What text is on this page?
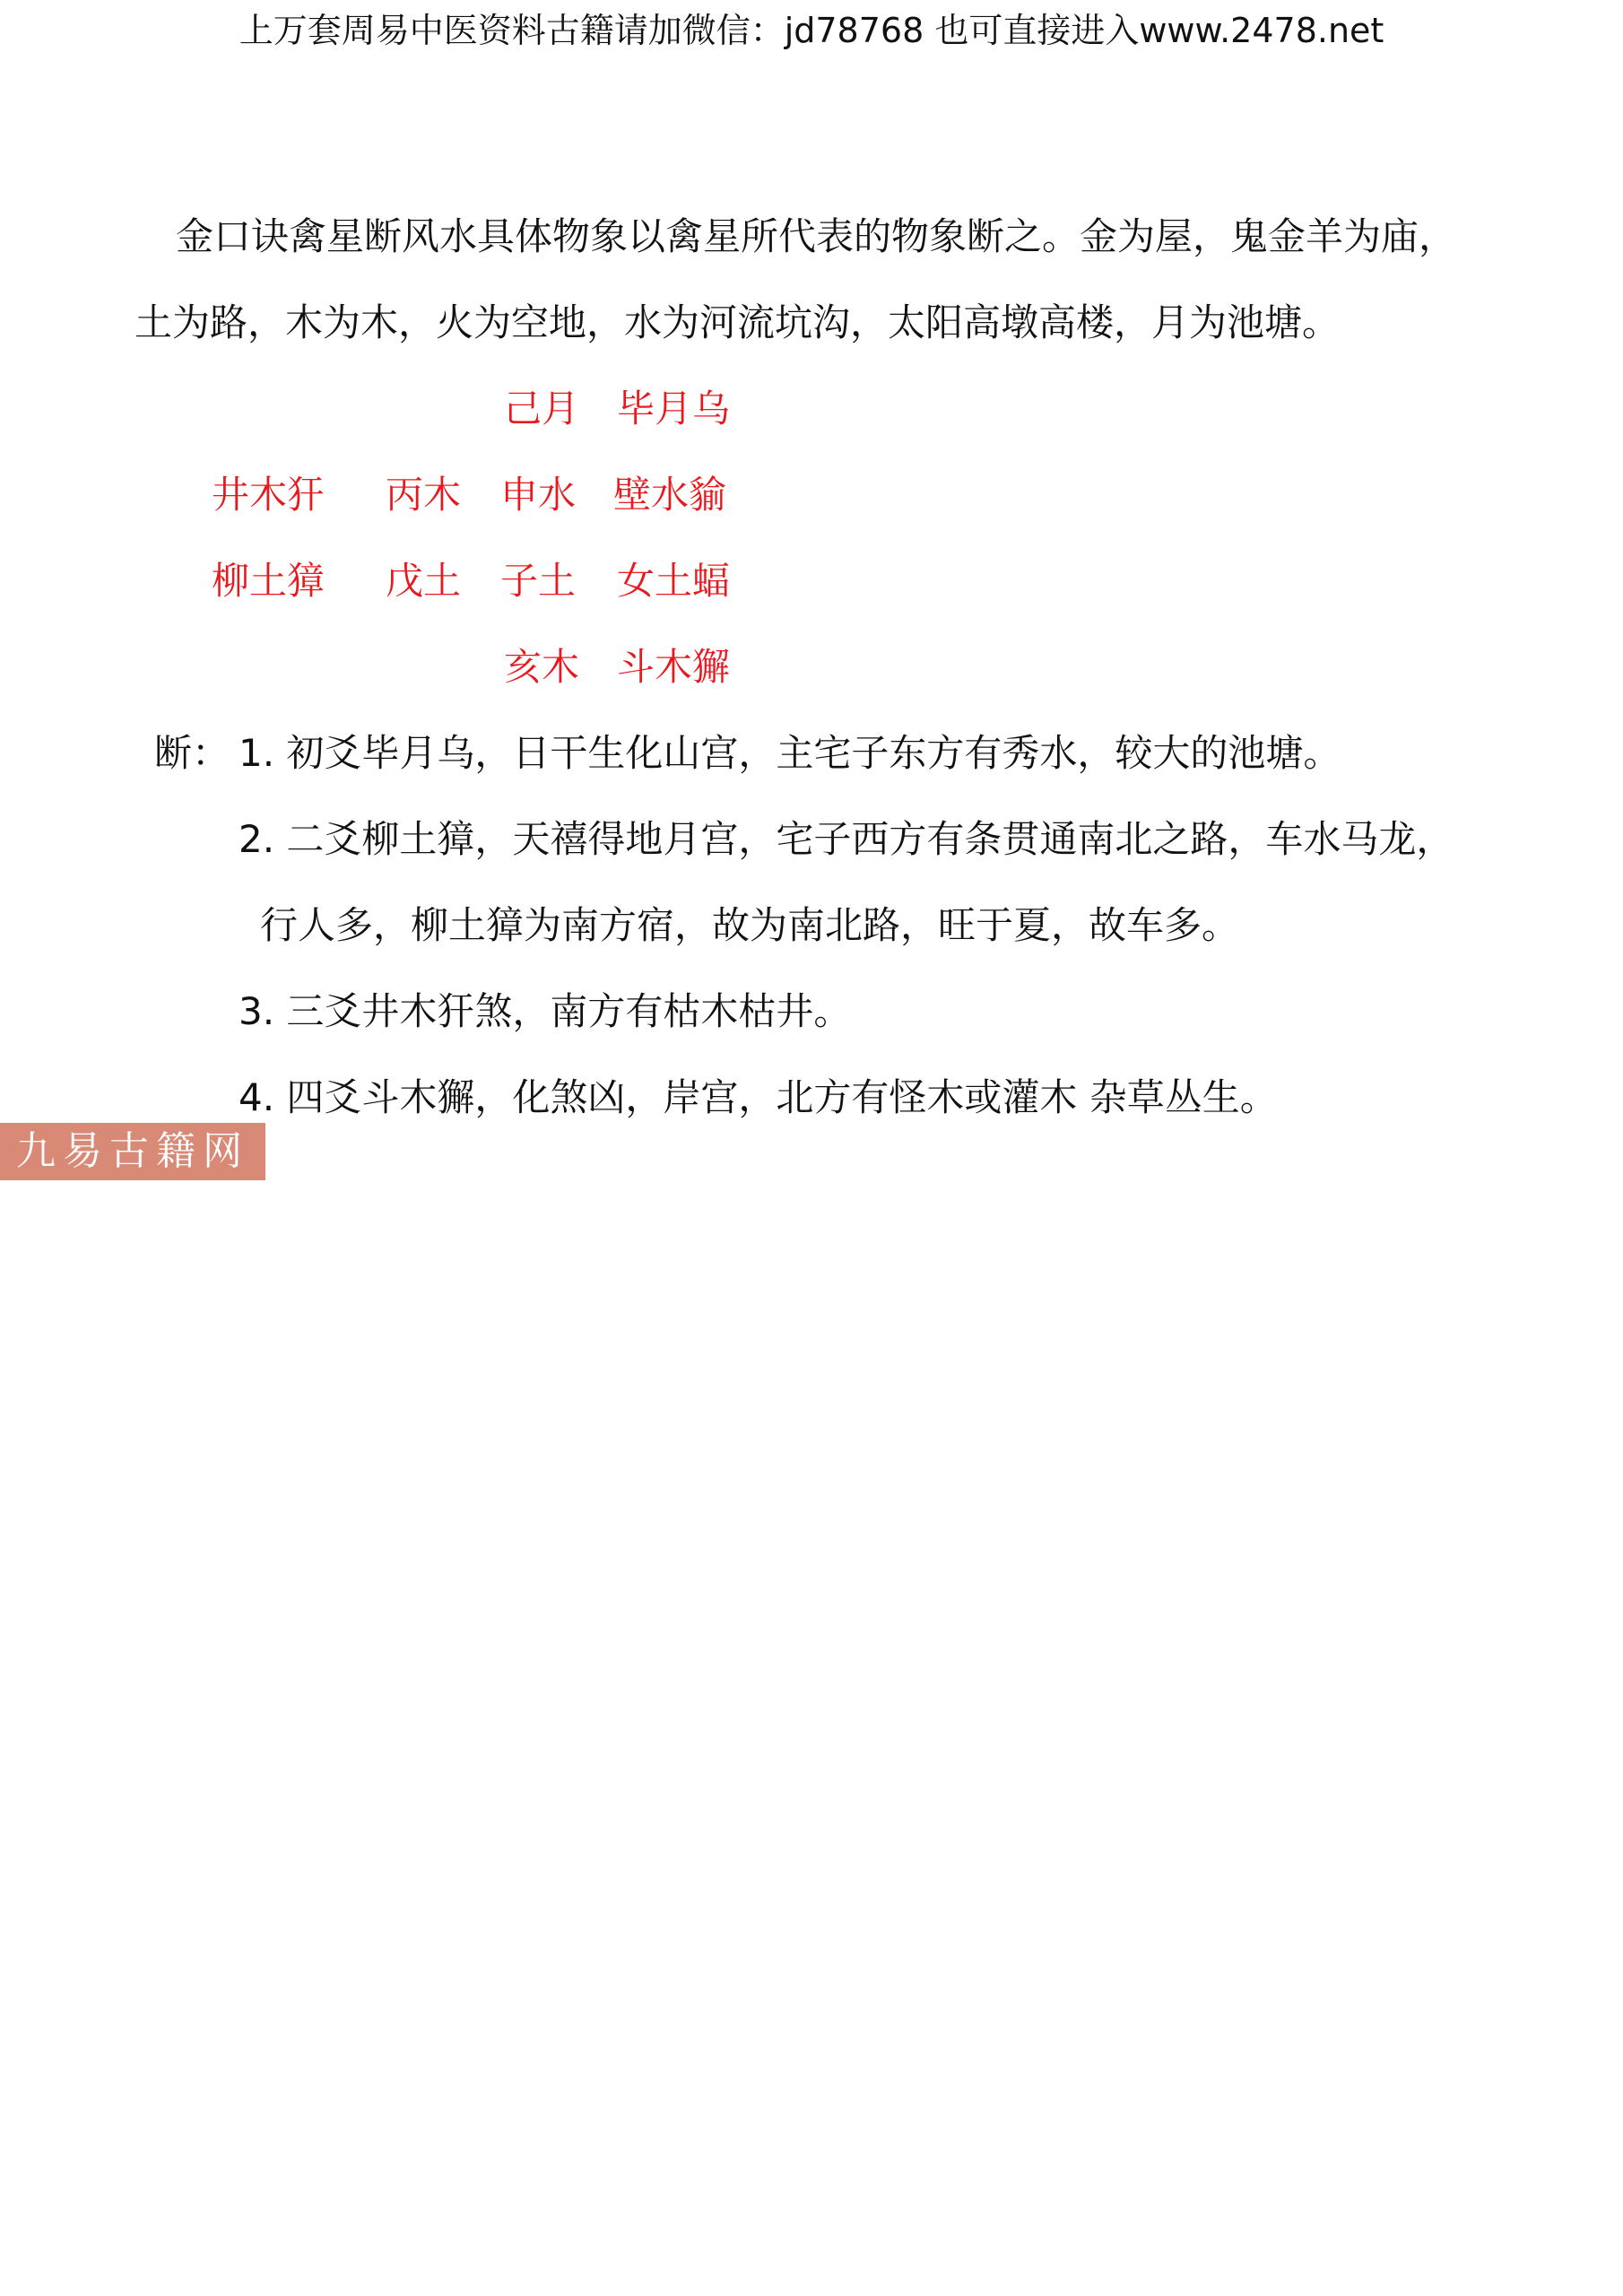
上万套周易中医资料古籍请加微信：jd78768 也可直接进入www.2478.net
金口诀禽星断风水具体物象以禽星所代表的物象断之。金为屋，鬼金羊为庙，
土为路，木为木，火为空地，水为河流坑沟，太阳高墩高楼，月为池塘。
己月 毕月乌
井木犴 丙木 申水 壁水貐
柳土獐 戊土 子土 女土蝠
亥木 斗木獬
断： 1. 初爻毕月乌，日干生化山宫，主宅子东方有秀水，较大的池塘。
2. 二爻柳土獐，天禧得地月宫，宅子西方有条贯通南北之路，车水马龙，
行人多，柳土獐为南方宿，故为南北路，旺于夏，故车多。
3. 三爻井木犴煞，南方有枯木枯井。
4. 四爻斗木獬，化煞凶，岸宫，北方有怪木或灌木 杂草丛生。
九易古籍网
